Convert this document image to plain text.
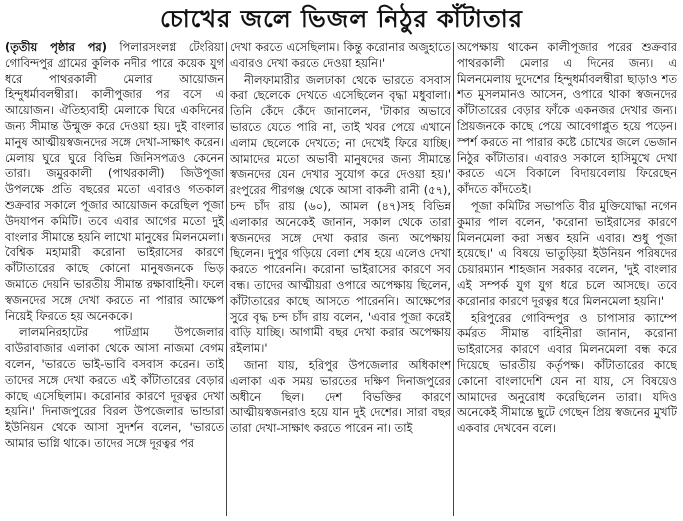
চোখের জলে ভিজল নিঠুর কাঁটাতার

(তৃতীয় পৃষ্ঠার পর) পিলারসংলগ্ন টেংরিয়া গোবিন্দপুর গ্রামের কুলিক নদীর পারে কয়েক যুগ ধরে পাথরকালী মেলার আয়োজন হিন্দুধর্মাবলম্বীরা। কালীপুজার পর বসে এ আয়োজন। ঐতিহ্যবাহী মেলাকে ঘিরে একদিনের জন্য সীমান্ত উন্মুক্ত করে দেওয়া হয়। দুই বাংলার মানুষ আত্মীয়স্বজনদের সঙ্গে দেখা-সাক্ষাৎ করেন। মেলায় ঘুরে ঘুরে বিভিন্ন জিনিসপত্রও কেনেন তারা। জমুরকালী (পাথরকালী) জিউপূজা উপলক্ষে প্রতি বছরের মতো এবারও গতকাল শুক্রবার সকালে পূজার আয়োজন করেছিল পূজা উদযাপন কমিটি। তবে এবার আগের মতো দুই বাংলার সীমান্তে হয়নি লাখো মানুষের মিলনমেলা। বৈশ্বিক মহামারী করোনা ভাইরাসের কারণে কাঁটাতারের কাছে কোনো মানুষজনকে ভিড় জমাতে দেয়নি ভারতীয় সীমান্ত রক্ষাবাহিনী। ফলে স্বজনদের সঙ্গে দেখা করতে না পারার আক্ষেপ নিয়েই ফিরতে হয় অনেককে।

লালমনিরহাটের পাটগ্রাম উপজেলার বাউরাবাজার এলাকা থেকে আসা নাজমা বেগম বলেন, 'ভারতে ভাই-ভাবি বসবাস করেন। তাই তাদের সঙ্গে দেখা করতে এই কাঁটাতারের বেড়ার কাছে এসেছিলাম। করোনার কারণে দূরত্বর দেখা হয়নি।' দিনাজপুরের বিরল উপজেলার ভান্ডারা ইউনিয়ন থেকে আসা সুদর্শন বলেন, 'ভারতে আমার ভাগ্নি থাকে। তাদের সঙ্গে দূরত্বর পর

দেখা করতে এসেছিলাম। কিন্তু করোনার অজুহাতে এবারও দেখা করতে দেওয়া হয়নি।'

নীলফামারীর জলঢাকা থেকে ভারতে বসবাস করা ছেলেকে দেখতে এসেছিলেন বৃদ্ধা মধুবালা। তিনি কেঁদে কেঁদে জানালেন, 'টাকার অভাবে ভারতে যেতে পারি না, তাই খবর পেয়ে এখানে এলাম ছেলেকে দেখতে; না দেখেই ফিরে যাচ্ছি। আমাদের মতো অভাবী মানুষদের জন্য সীমান্তে স্বজনদের যেন দেখার সুযোগ করে দেওয়া হয়।' রংপুরের পীরগঞ্জ থেকে আসা বাকলী রানী (৫৭), চন্দ চাঁদ রায় (৬০), আমল (৪৭)সহ বিভিন্ন এলাকার অনেকেই জানান, সকাল থেকে তারা স্বজনদের সঙ্গে দেখা করার জন্য অপেক্ষায় ছিলেন। দুপুর গড়িয়ে বেলা শেষ হয়ে এলেও দেখা করতে পারেননি। করোনা ভাইরাসের কারণে সব বন্ধ। তাদের আত্মীয়রা ওপারে অপেক্ষায় ছিলেন, কাঁটাতারের কাছে আসতে পারেননি। আক্ষেপের সুরে বৃদ্ধ চন্দ চাঁদ রায় বলেন, 'এবার পূজা করেই বাড়ি যাচ্ছি। আগামী বছর দেখা করার অপেক্ষায় রইলাম।'

জানা যায়, হরিপুর উপজেলার অধিকাংশ এলাকা এক সময় ভারতের দক্ষিণ দিনাজপুরের অধীনে ছিল। দেশ বিভক্তির কারণে আত্মীয়স্বজনরাও হয়ে যান দুই দেশের। সারা বছর তারা দেখা-সাক্ষাৎ করতে পারেন না। তাই

অপেক্ষায় থাকেন কালীপূজার পরের শুক্রবার পাথরকালী মেলার এ দিনের জন্য। এ মিলনমেলায় দুদেশের হিন্দুধর্মাবলম্বীরা ছাড়াও শত শত মুসলমানও আসেন, ওপারে থাকা স্বজনদের কাঁটাতারের বেড়ার ফাঁকে একনজর দেখার জন্য। প্রিয়জনকে কাছে পেয়ে আবেগাপ্লুত হয়ে পড়েন। স্পর্শ করতে না পারার কষ্টে চোখের জলে ভেজান নিঠুর কাঁটাতার। এবারও সকালে হাসিমুখে দেখা করতে এসে বিকালে বিদায়বেলায় ফিরেছেন কাঁদতে কাঁদতেই।

পূজা কমিটির সভাপতি বীর মুক্তিযোদ্ধা নগেন কুমার পাল বলেন, 'করোনা ভাইরাসের কারণে মিলনমেলা করা সম্ভব হয়নি এবার। শুধু পূজা হয়েছে।' এ বিষয়ে ভাতুড়িয়া ইউনিয়ন পরিষদের চেয়ারম্যান শাহজান সরকার বলেন, 'দুই বাংলার এই সম্পর্ক যুগ যুগ ধরে চলে আসছে। তবে করোনার কারণে দূরত্বর ধরে মিলনমেলা হয়নি।'

হরিপুরের গোবিন্দপুর ও চাপাসার ক্যাম্পে কর্মরত সীমান্ত বাহিনীরা জানান, করোনা ভাইরাসের কারণে এবার মিলনমেলা বন্ধ করে দিয়েছে ভারতীয় কর্তৃপক্ষ। কাঁটাতারের কাছে কোনো বাংলাদেশি যেন না যায়, সে বিষয়েও আমাদের অনুরোধ করেছিলেন তারা। যদিও অনেকেই সীমান্তে ছুটে গেছেন প্রিয় স্বজনের মুখটি একবার দেখবেন বলে।
